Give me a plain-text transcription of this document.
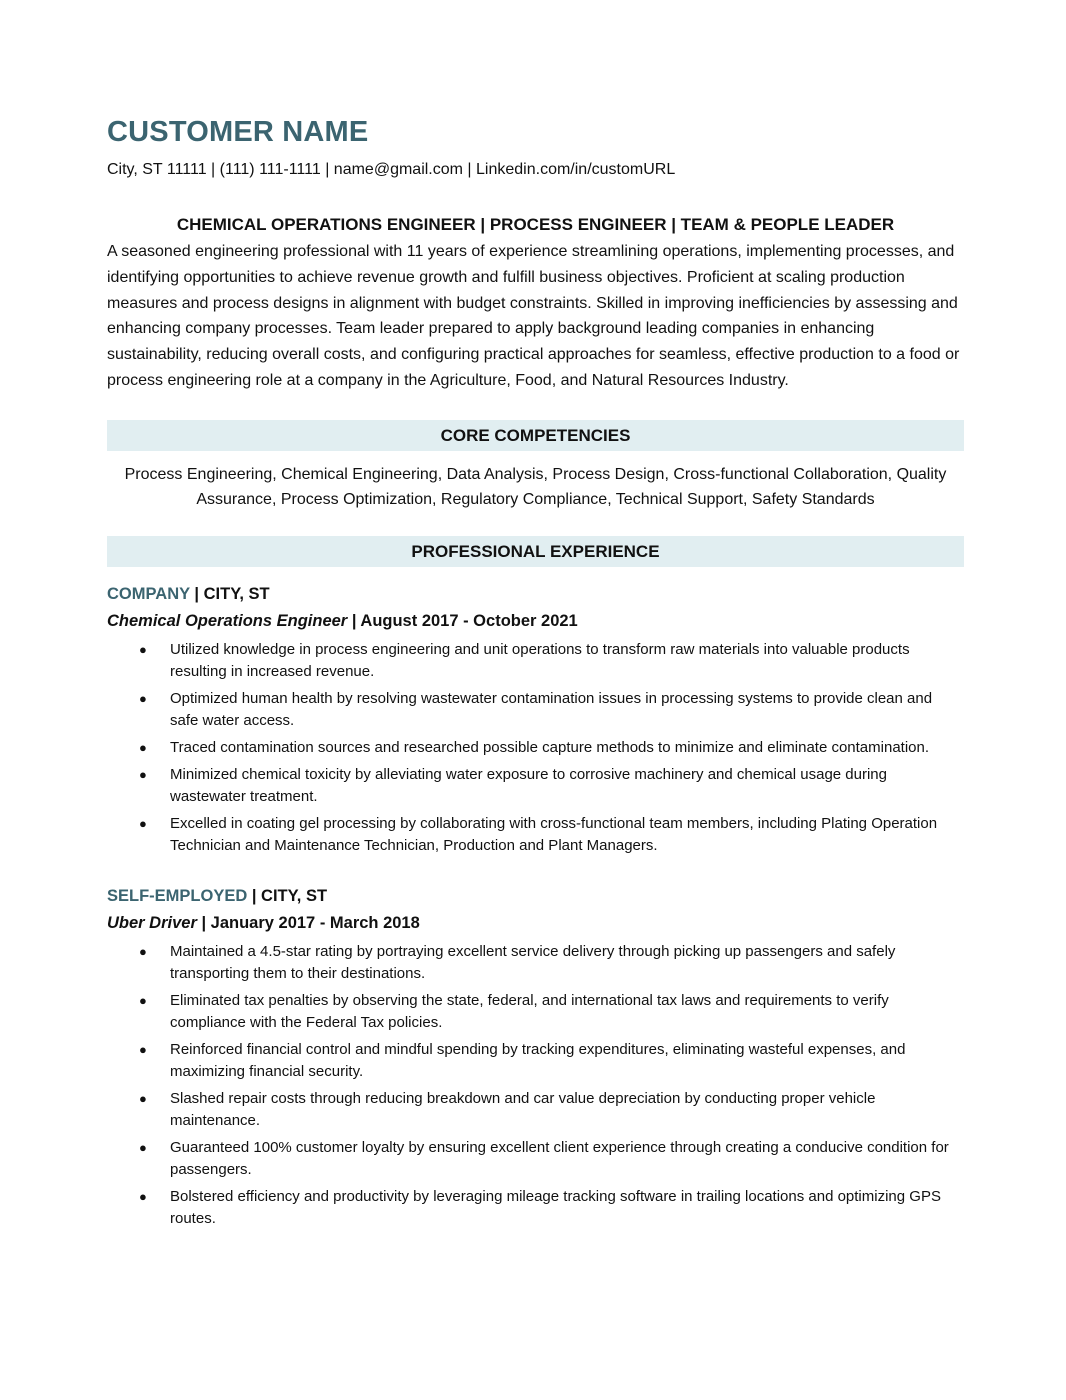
CUSTOMER NAME
City, ST 11111 | (111) 111-1111 | name@gmail.com | Linkedin.com/in/customURL
CHEMICAL OPERATIONS ENGINEER | PROCESS ENGINEER | TEAM & PEOPLE LEADER
A seasoned engineering professional with 11 years of experience streamlining operations, implementing processes, and identifying opportunities to achieve revenue growth and fulfill business objectives. Proficient at scaling production measures and process designs in alignment with budget constraints. Skilled in improving inefficiencies by assessing and enhancing company processes. Team leader prepared to apply background leading companies in enhancing sustainability, reducing overall costs, and configuring practical approaches for seamless, effective production to a food or process engineering role at a company in the Agriculture, Food, and Natural Resources Industry.
CORE COMPETENCIES
Process Engineering, Chemical Engineering, Data Analysis, Process Design, Cross-functional Collaboration, Quality Assurance, Process Optimization, Regulatory Compliance, Technical Support, Safety Standards
PROFESSIONAL EXPERIENCE
COMPANY | CITY, ST
Chemical Operations Engineer | August 2017 - October 2021
● Utilized knowledge in process engineering and unit operations to transform raw materials into valuable products resulting in increased revenue.
● Optimized human health by resolving wastewater contamination issues in processing systems to provide clean and safe water access.
● Traced contamination sources and researched possible capture methods to minimize and eliminate contamination.
● Minimized chemical toxicity by alleviating water exposure to corrosive machinery and chemical usage during wastewater treatment.
● Excelled in coating gel processing by collaborating with cross-functional team members, including Plating Operation Technician and Maintenance Technician, Production and Plant Managers.
SELF-EMPLOYED | CITY, ST
Uber Driver | January 2017 - March 2018
● Maintained a 4.5-star rating by portraying excellent service delivery through picking up passengers and safely transporting them to their destinations.
● Eliminated tax penalties by observing the state, federal, and international tax laws and requirements to verify compliance with the Federal Tax policies.
● Reinforced financial control and mindful spending by tracking expenditures, eliminating wasteful expenses, and maximizing financial security.
● Slashed repair costs through reducing breakdown and car value depreciation by conducting proper vehicle maintenance.
● Guaranteed 100% customer loyalty by ensuring excellent client experience through creating a conducive condition for passengers.
● Bolstered efficiency and productivity by leveraging mileage tracking software in trailing locations and optimizing GPS routes.
